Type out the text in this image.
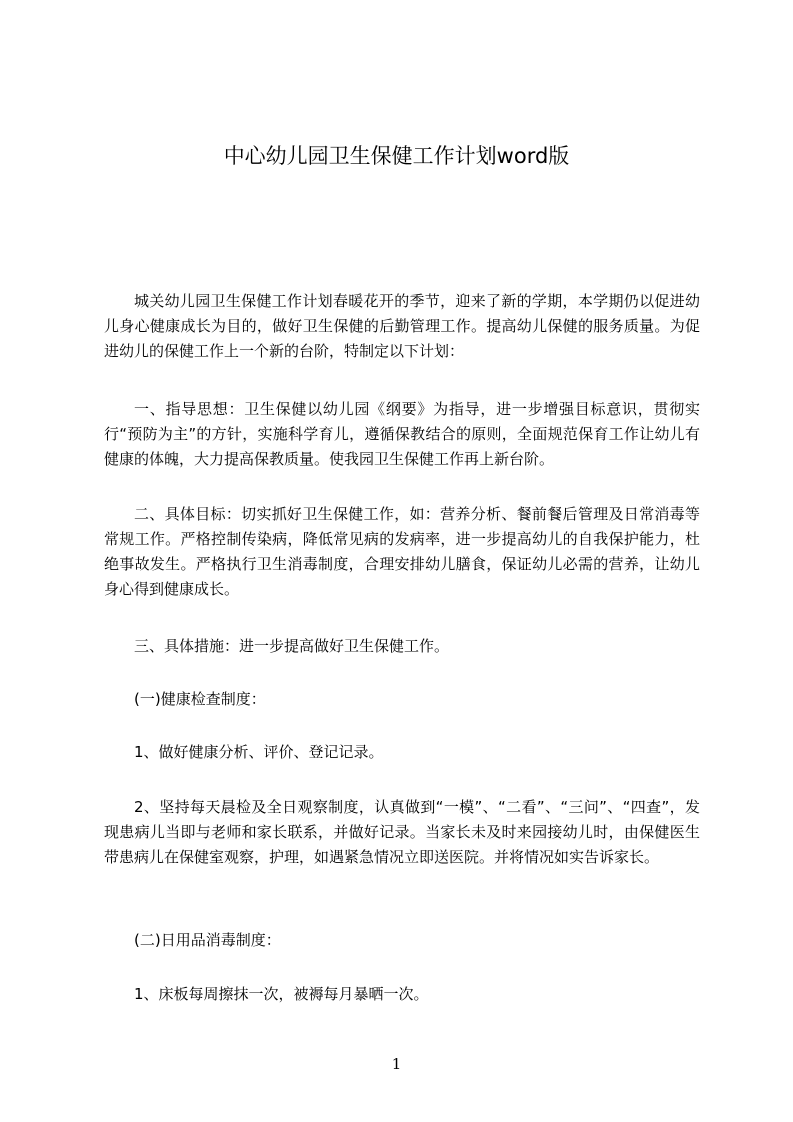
中心幼儿园卫生保健工作计划word版

城关幼儿园卫生保健工作计划春暖花开的季节，迎来了新的学期，本学期仍以促进幼儿身心健康成长为目的，做好卫生保健的后勤管理工作。提高幼儿保健的服务质量。为促进幼儿的保健工作上一个新的台阶，特制定以下计划：

一、指导思想：卫生保健以幼儿园《纲要》为指导，进一步增强目标意识，贯彻实行“预防为主”的方针，实施科学育儿，遵循保教结合的原则，全面规范保育工作让幼儿有健康的体魄，大力提高保教质量。使我园卫生保健工作再上新台阶。

二、具体目标：切实抓好卫生保健工作，如：营养分析、餐前餐后管理及日常消毒等常规工作。严格控制传染病，降低常见病的发病率，进一步提高幼儿的自我保护能力，杜绝事故发生。严格执行卫生消毒制度，合理安排幼儿膳食，保证幼儿必需的营养，让幼儿身心得到健康成长。

三、具体措施：进一步提高做好卫生保健工作。

(一)健康检查制度：

1、做好健康分析、评价、登记记录。

2、坚持每天晨检及全日观察制度，认真做到“一模”、“二看”、“三问”、“四查”，发现患病儿当即与老师和家长联系，并做好记录。当家长未及时来园接幼儿时，由保健医生带患病儿在保健室观察，护理，如遇紧急情况立即送医院。并将情况如实告诉家长。

(二)日用品消毒制度：

1、床板每周擦抹一次，被褥每月暴晒一次。

1
